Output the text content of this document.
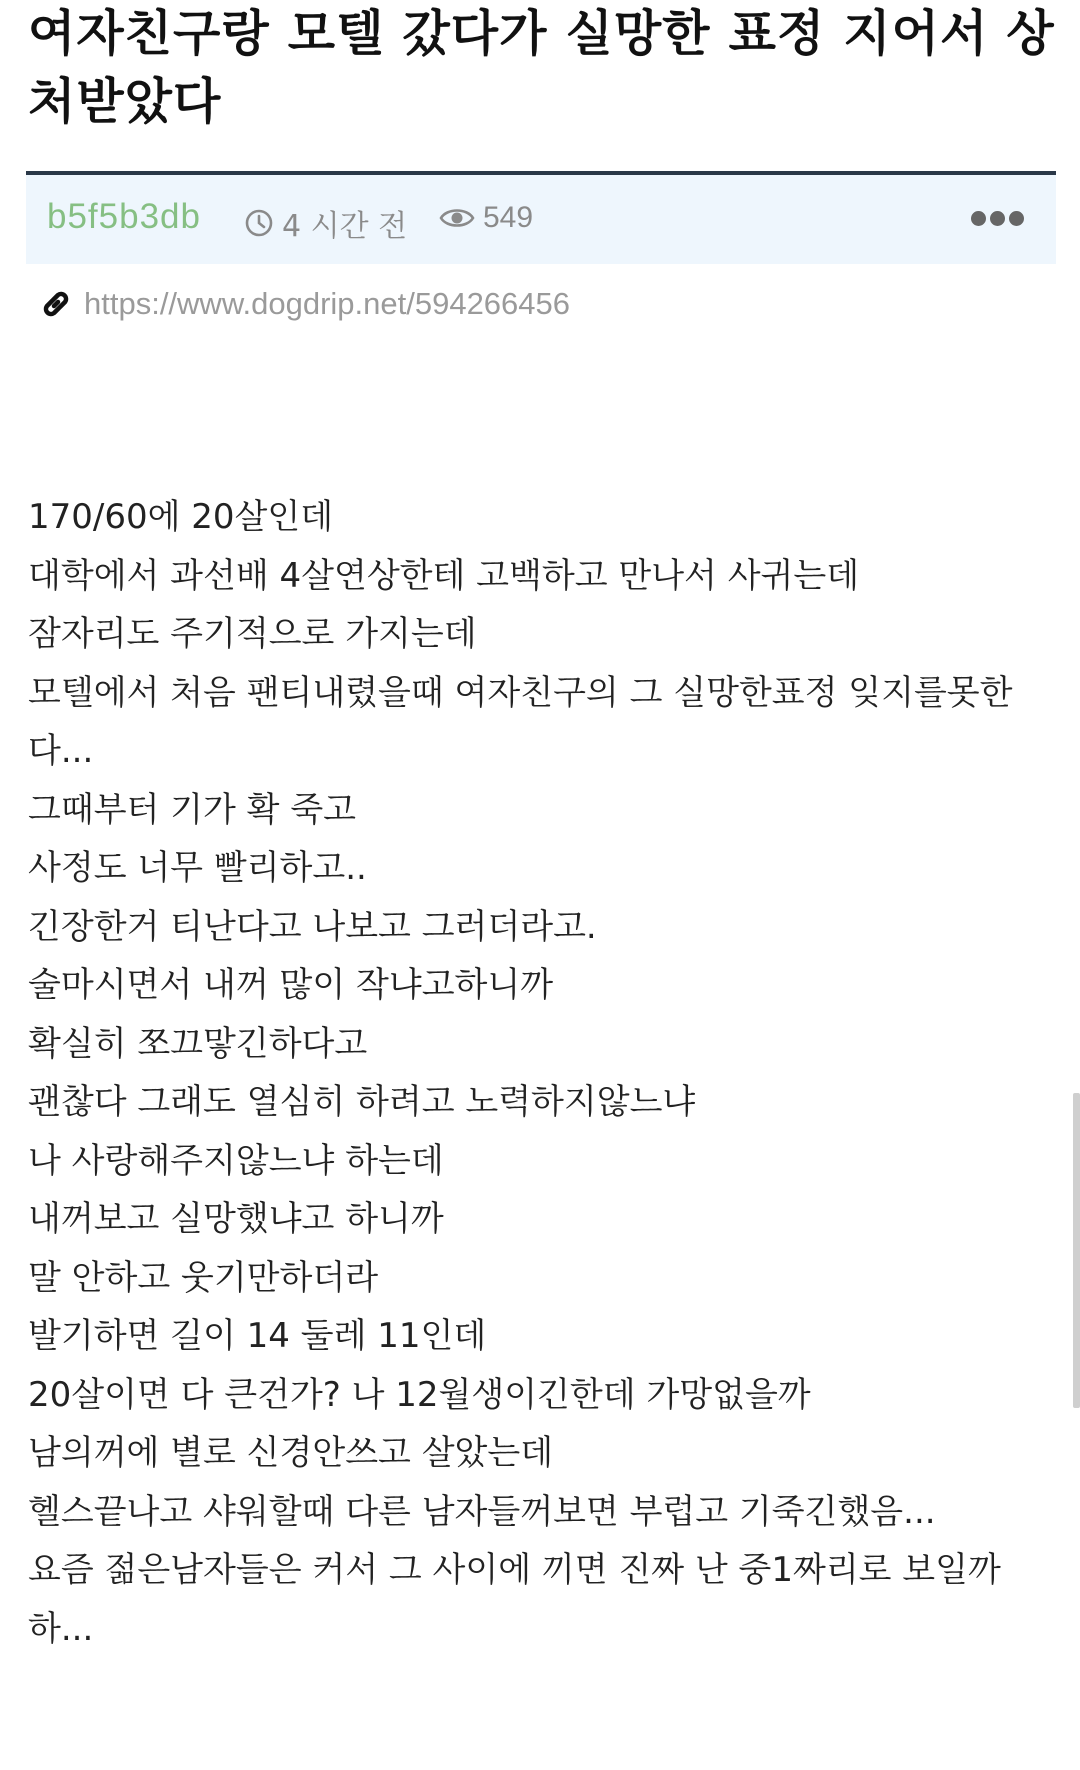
여자친구랑 모텔 갔다가 실망한 표정 지어서 상처받았다
b5f5b3db	4 시간 전	549
https://www.dogdrip.net/594266456

170/60에 20살인데

대학에서 과선배 4살연상한테 고백하고 만나서 사귀는데

잠자리도 주기적으로 가지는데

모텔에서 처음 팬티내렸을때 여자친구의 그 실망한표정 잊지를못한

다...

그때부터 기가 확 죽고

사정도 너무 빨리하고..

긴장한거 티난다고 나보고 그러더라고.

술마시면서 내꺼 많이 작냐고하니까

확실히 쪼끄맣긴하다고

괜찮다 그래도 열심히 하려고 노력하지않느냐

나 사랑해주지않느냐 하는데

내꺼보고 실망했냐고 하니까

말 안하고 웃기만하더라

발기하면 길이 14 둘레 11인데

20살이면 다 큰건가? 나 12월생이긴한데 가망없을까

남의꺼에 별로 신경안쓰고 살았는데

헬스끝나고 샤워할때 다른 남자들꺼보면 부럽고 기죽긴했음...

요즘 젊은남자들은 커서 그 사이에 끼면 진짜 난 중1짜리로 보일까

하...
